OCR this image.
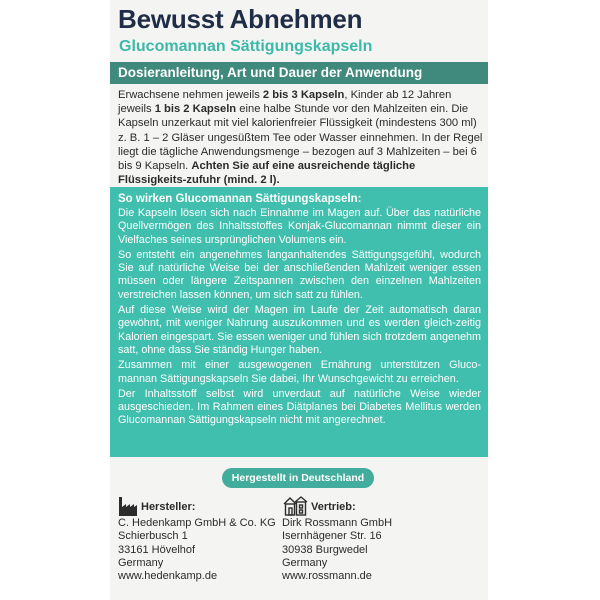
Bewusst Abnehmen
Glucomannan Sättigungskapseln
Dosieranleitung, Art und Dauer der Anwendung
Erwachsene nehmen jeweils 2 bis 3 Kapseln, Kinder ab 12 Jahren jeweils 1 bis 2 Kapseln eine halbe Stunde vor den Mahlzeiten ein. Die Kapseln unzerkaut mit viel kalorienfreier Flüssigkeit (mindestens 300 ml) z. B. 1 – 2 Gläser ungesüßtem Tee oder Wasser einnehmen. In der Regel liegt die tägliche Anwendungsmenge – bezogen auf 3 Mahlzeiten – bei 6 bis 9 Kapseln. Achten Sie auf eine ausreichende tägliche Flüssigkeits-zufuhr (mind. 2 l).
So wirken Glucomannan Sättigungskapseln:

Die Kapseln lösen sich nach Einnahme im Magen auf. Über das natürliche Quellvermögen des Inhaltsstoffes Konjak-Glucomannan nimmt dieser ein Vielfaches seines ursprünglichen Volumens ein.

So entsteht ein angenehmes langanhaltendes Sättigungsgefühl, wodurch Sie auf natürliche Weise bei der anschließenden Mahlzeit weniger essen müssen oder längere Zeitspannen zwischen den einzelnen Mahlzeiten verstreichen lassen können, um sich satt zu fühlen.

Auf diese Weise wird der Magen im Laufe der Zeit automatisch daran gewöhnt, mit weniger Nahrung auszukommen und es werden gleich-zeitig Kalorien eingespart. Sie essen weniger und fühlen sich trotzdem angenehm satt, ohne dass Sie ständig Hunger haben.

Zusammen mit einer ausgewogenen Ernährung unterstützen Gluco-mannan Sättigungskapseln Sie dabei, Ihr Wunschgewicht zu erreichen.

Der Inhaltsstoff selbst wird unverdaut auf natürliche Weise wieder ausgeschieden. Im Rahmen eines Diätplanes bei Diabetes Mellitus werden Glucomannan Sättigungskapseln nicht mit angerechnet.

Hergestellt in Deutschland
Hersteller:
C. Hedenkamp GmbH & Co. KG
Schierbusch 1
33161 Hövelhof
Germany
www.hedenkamp.de
Vertrieb:
Dirk Rossmann GmbH
Isernhägener Str. 16
30938 Burgwedel
Germany
www.rossmann.de
